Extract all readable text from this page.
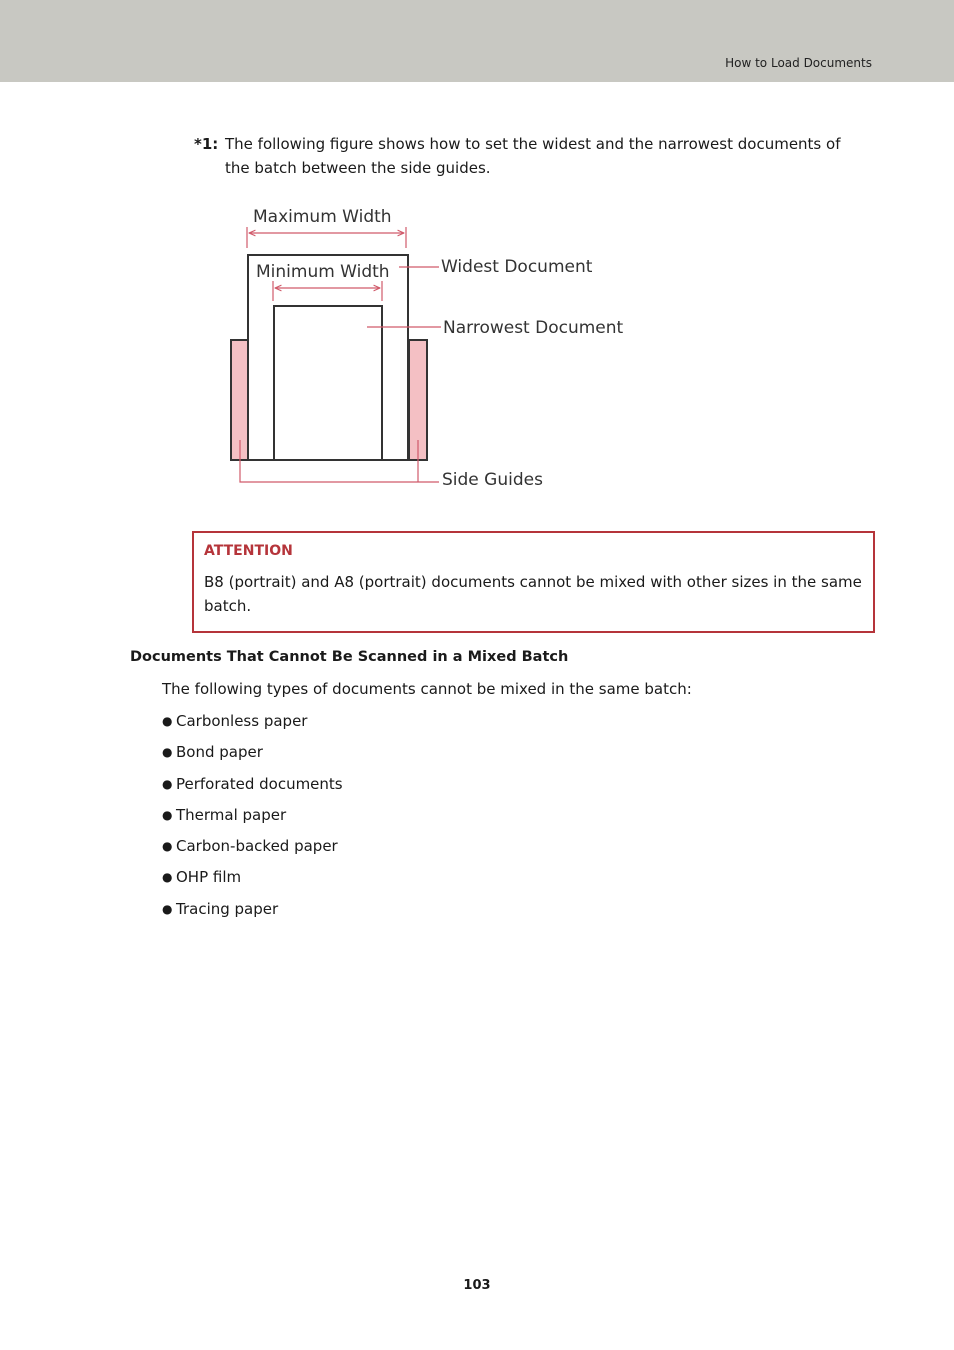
How to Load Documents
*1: The following figure shows how to set the widest and the narrowest documents of the batch between the side guides.
Maximum Width
Minimum Width	Widest Document
Narrowest Document
Side Guides
ATTENTION
B8 (portrait) and A8 (portrait) documents cannot be mixed with other sizes in the same batch.
Documents That Cannot Be Scanned in a Mixed Batch
The following types of documents cannot be mixed in the same batch:
● Carbonless paper
● Bond paper
● Perforated documents
● Thermal paper
● Carbon-backed paper
● OHP film
● Tracing paper
103
